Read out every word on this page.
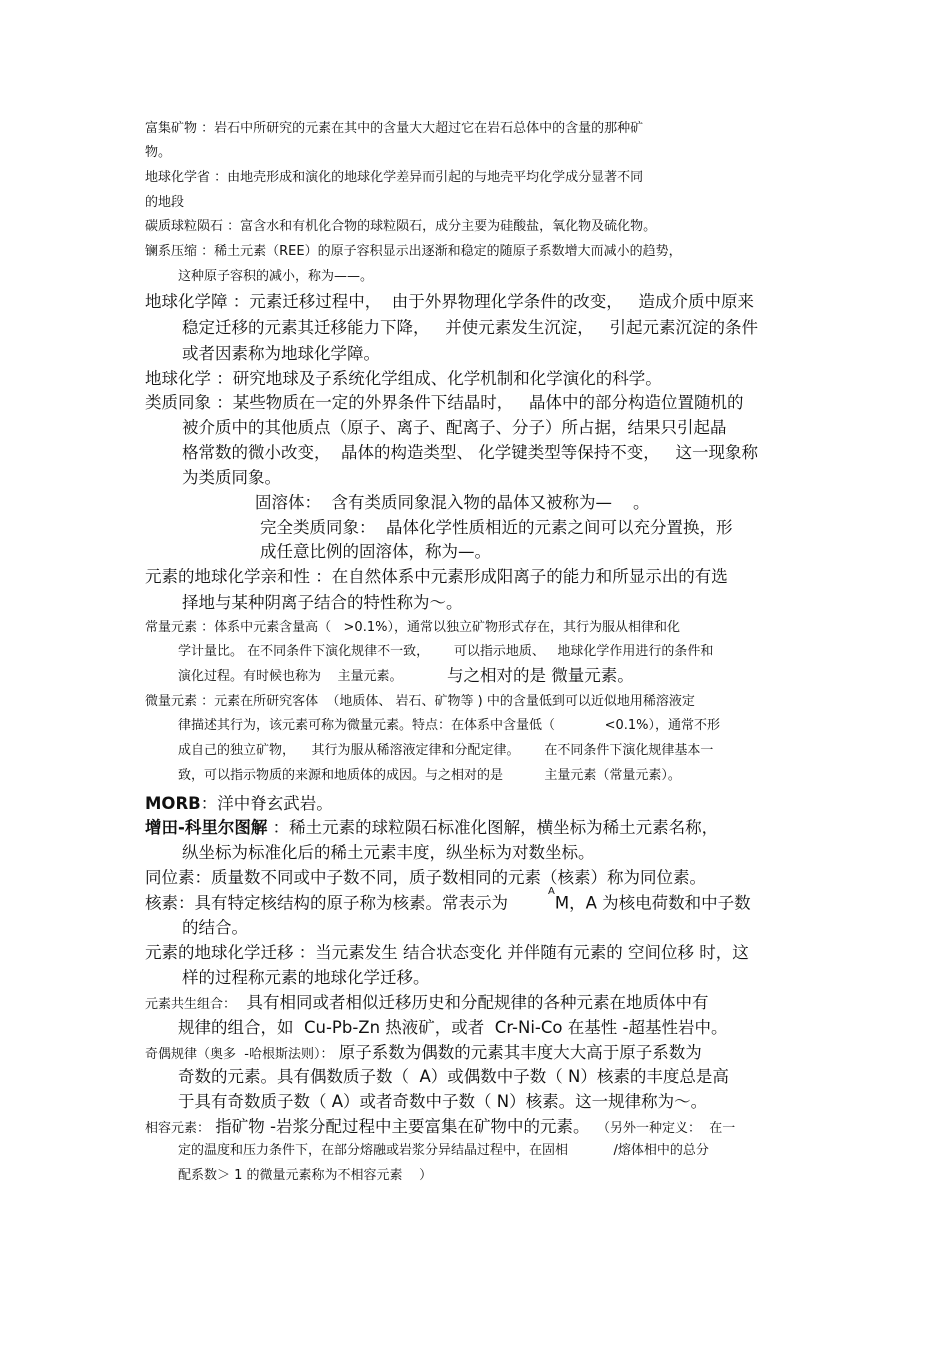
富集矿物 ：岩石中所研究的元素在其中的含量大大超过它在岩石总体中的含量的那种矿
物。
地球化学省 ：由地壳形成和演化的地球化学差异而引起的与地壳平均化学成分显著不同
的地段
碳质球粒陨石 ：富含水和有机化合物的球粒陨石，成分主要为硅酸盐，氧化物及硫化物。
镧系压缩 ：稀土元素（REE）的原子容积显示出逐渐和稳定的随原子系数增大而减小的趋势，
这种原子容积的减小，称为——。
地球化学障 ：元素迁移过程中，  由于外界物理化学条件的改变，   造成介质中原来
稳定迁移的元素其迁移能力下降，   并使元素发生沉淀，   引起元素沉淀的条件
或者因素称为地球化学障。
地球化学 ：研究地球及子系统化学组成、化学机制和化学演化的科学。
类质同象 ：某些物质在一定的外界条件下结晶时，   晶体中的部分构造位置随机的
被介质中的其他质点（原子、离子、配离子、分子）所占据，结果只引起晶
格常数的微小改变，  晶体的构造类型、 化学键类型等保持不变，   这一现象称
为类质同象。
固溶体：  含有类质同象混入物的晶体又被称为—    。
完全类质同象：  晶体化学性质相近的元素之间可以充分置换，形
成任意比例的固溶体，称为—。
元素的地球化学亲和性 ：在自然体系中元素形成阳离子的能力和所显示出的有选
择地与某种阴离子结合的特性称为～。
常量元素 ：体系中元素含量高（   >0.1%），通常以独立矿物形式存在，其行为服从相律和化
学计量比。 在不同条件下演化规律不一致，      可以指示地质、   地球化学作用进行的条件和
演化过程。有时候也称为    主量元素。	与之相对的是 微量元素。
微量元素 ：元素在所研究客体  （地质体、 岩石、矿物等 ) 中的含量低到可以近似地用稀溶液定
律描述其行为，该元素可称为微量元素。特点：在体系中含量低（            <0.1%），通常不形
成自己的独立矿物，    其行为服从稀溶液定律和分配定律。      在不同条件下演化规律基本一
致，可以指示物质的来源和地质体的成因。与之相对的是          主量元素（常量元素）。
MORB：洋中脊玄武岩。
增田-科里尔图解 ：稀土元素的球粒陨石标准化图解，横坐标为稀土元素名称，
纵坐标为标准化后的稀土元素丰度，纵坐标为对数坐标。
同位素：质量数不同或中子数不同，质子数相同的元素（核素）称为同位素。
核素：具有特定核结构的原子称为核素。常表示为$^A$M，A 为核电荷数和中子数
的结合。
元素的地球化学迁移 ：当元素发生 结合状态变化 并伴随有元素的 空间位移 时，这
样的过程称元素的地球化学迁移。
元素共生组合：  具有相同或者相似迁移历史和分配规律的各种元素在地质体中有
规律的组合，如  Cu-Pb-Zn 热液矿，或者  Cr-Ni-Co 在基性 -超基性岩中。
奇偶规律（奥多  -哈根斯法则）： 原子系数为偶数的元素其丰度大大高于原子系数为
奇数的元素。具有偶数质子数（  A）或偶数中子数（ N）核素的丰度总是高
于具有奇数质子数（ A）或者奇数中子数（ N）核素。这一规律称为～。
相容元素： 指矿物 -岩浆分配过程中主要富集在矿物中的元素。 （另外一种定义：  在一
定的温度和压力条件下，在部分熔融或岩浆分异结晶过程中，在固相           /熔体相中的总分
配系数＞ 1 的微量元素称为不相容元素    ）
